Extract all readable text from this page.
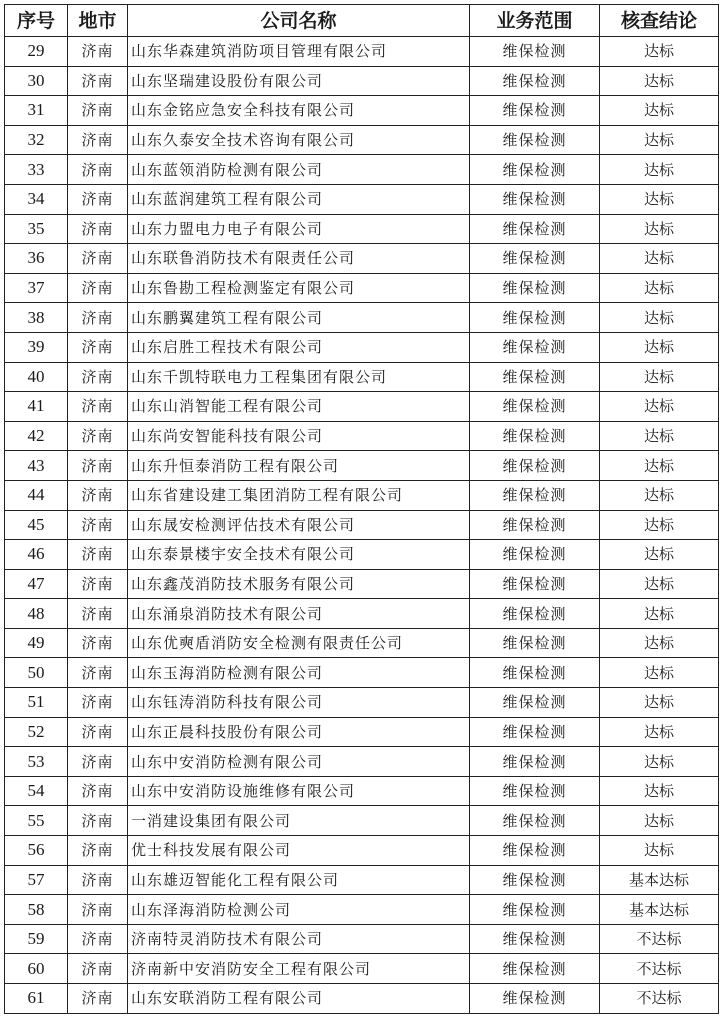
序号	地市	公司名称	业务范围	核查结论
29	济南	山东华森建筑消防项目管理有限公司	维保检测	达标
30	济南	山东坚瑞建设股份有限公司	维保检测	达标
31	济南	山东金铭应急安全科技有限公司	维保检测	达标
32	济南	山东久泰安全技术咨询有限公司	维保检测	达标
33	济南	山东蓝领消防检测有限公司	维保检测	达标
34	济南	山东蓝润建筑工程有限公司	维保检测	达标
35	济南	山东力盟电力电子有限公司	维保检测	达标
36	济南	山东联鲁消防技术有限责任公司	维保检测	达标
37	济南	山东鲁勘工程检测鉴定有限公司	维保检测	达标
38	济南	山东鹏翼建筑工程有限公司	维保检测	达标
39	济南	山东启胜工程技术有限公司	维保检测	达标
40	济南	山东千凯特联电力工程集团有限公司	维保检测	达标
41	济南	山东山消智能工程有限公司	维保检测	达标
42	济南	山东尚安智能科技有限公司	维保检测	达标
43	济南	山东升恒泰消防工程有限公司	维保检测	达标
44	济南	山东省建设建工集团消防工程有限公司	维保检测	达标
45	济南	山东晟安检测评估技术有限公司	维保检测	达标
46	济南	山东泰景楼宇安全技术有限公司	维保检测	达标
47	济南	山东鑫茂消防技术服务有限公司	维保检测	达标
48	济南	山东涌泉消防技术有限公司	维保检测	达标
49	济南	山东优奭盾消防安全检测有限责任公司	维保检测	达标
50	济南	山东玉海消防检测有限公司	维保检测	达标
51	济南	山东钰涛消防科技有限公司	维保检测	达标
52	济南	山东正晨科技股份有限公司	维保检测	达标
53	济南	山东中安消防检测有限公司	维保检测	达标
54	济南	山东中安消防设施维修有限公司	维保检测	达标
55	济南	一消建设集团有限公司	维保检测	达标
56	济南	优士科技发展有限公司	维保检测	达标
57	济南	山东雄迈智能化工程有限公司	维保检测	基本达标
58	济南	山东泽海消防检测公司	维保检测	基本达标
59	济南	济南特灵消防技术有限公司	维保检测	不达标
60	济南	济南新中安消防安全工程有限公司	维保检测	不达标
61	济南	山东安联消防工程有限公司	维保检测	不达标
